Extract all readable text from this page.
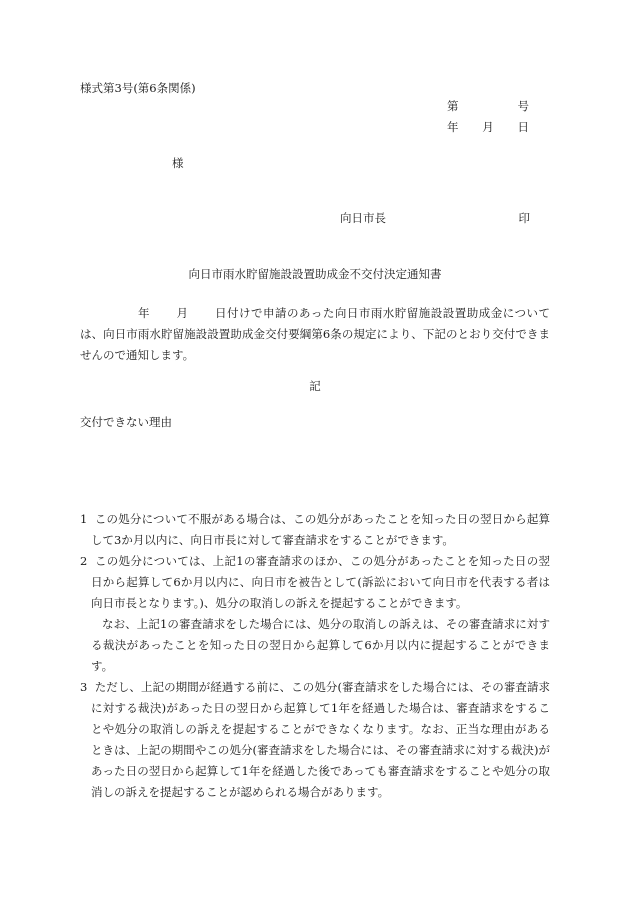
様式第3号(第6条関係)
第	号
年 月 日
様
向日市長	印
向日市雨水貯留施設設置助成金不交付決定通知書
年 月 日付けで申請のあった向日市雨水貯留施設設置助成金については、向日市雨水貯留施設設置助成金交付要綱第6条の規定により、下記のとおり交付できませんので通知します。
記
交付できない理由
1 この処分について不服がある場合は、この処分があったことを知った日の翌日から起算して3か月以内に、向日市長に対して審査請求をすることができます。
2 この処分については、上記1の審査請求のほか、この処分があったことを知った日の翌日から起算して6か月以内に、向日市を被告として(訴訟において向日市を代表する者は向日市長となります。)、処分の取消しの訴えを提起することができます。
なお、上記1の審査請求をした場合には、処分の取消しの訴えは、その審査請求に対する裁決があったことを知った日の翌日から起算して6か月以内に提起することができます。
3 ただし、上記の期間が経過する前に、この処分(審査請求をした場合には、その審査請求に対する裁決)があった日の翌日から起算して1年を経過した場合は、審査請求をすることや処分の取消しの訴えを提起することができなくなります。なお、正当な理由があるときは、上記の期間やこの処分(審査請求をした場合には、その審査請求に対する裁決)があった日の翌日から起算して1年を経過した後であっても審査請求をすることや処分の取消しの訴えを提起することが認められる場合があります。
